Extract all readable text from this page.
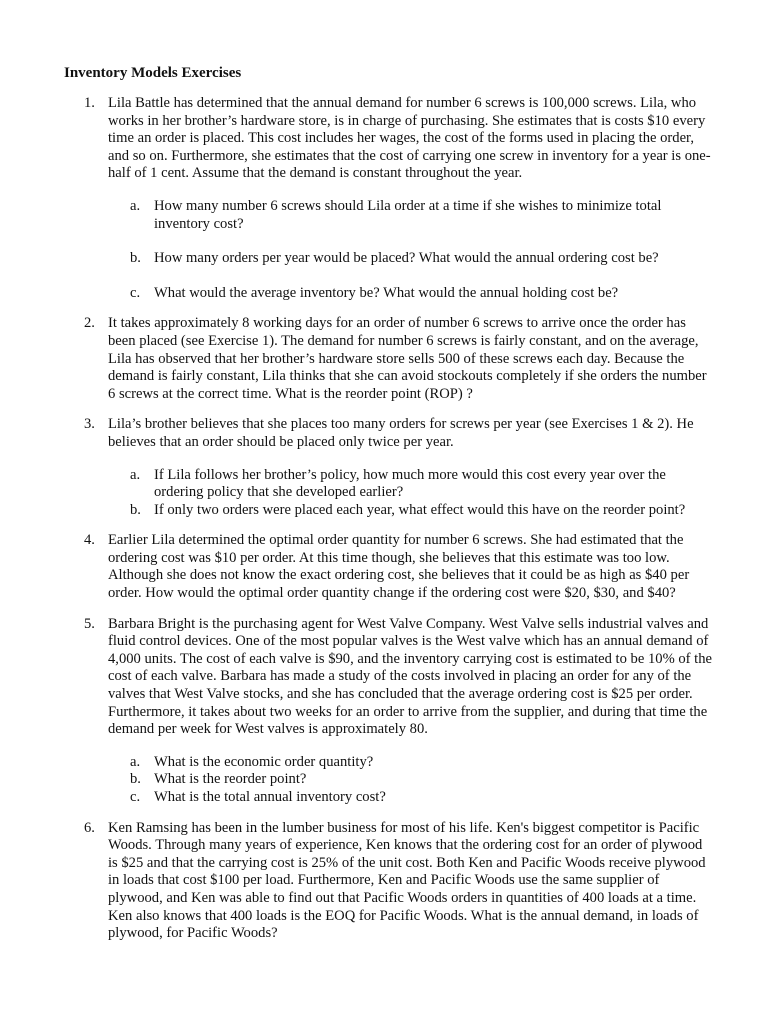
Inventory Models Exercises
1. Lila Battle has determined that the annual demand for number 6 screws is 100,000 screws. Lila, who works in her brother’s hardware store, is in charge of purchasing. She estimates that is costs $10 every time an order is placed. This cost includes her wages, the cost of the forms used in placing the order, and so on. Furthermore, she estimates that the cost of carrying one screw in inventory for a year is one-half of 1 cent. Assume that the demand is constant throughout the year.
a. How many number 6 screws should Lila order at a time if she wishes to minimize total inventory cost?
b. How many orders per year would be placed? What would the annual ordering cost be?
c. What would the average inventory be? What would the annual holding cost be?
2. It takes approximately 8 working days for an order of number 6 screws to arrive once the order has been placed (see Exercise 1). The demand for number 6 screws is fairly constant, and on the average, Lila has observed that her brother’s hardware store sells 500 of these screws each day. Because the demand is fairly constant, Lila thinks that she can avoid stockouts completely if she orders the number 6 screws at the correct time. What is the reorder point (ROP) ?
3. Lila’s brother believes that she places too many orders for screws per year (see Exercises 1 & 2). He believes that an order should be placed only twice per year.
a. If Lila follows her brother’s policy, how much more would this cost every year over the ordering policy that she developed earlier?
b. If only two orders were placed each year, what effect would this have on the reorder point?
4. Earlier Lila determined the optimal order quantity for number 6 screws. She had estimated that the ordering cost was $10 per order. At this time though, she believes that this estimate was too low. Although she does not know the exact ordering cost, she believes that it could be as high as $40 per order. How would the optimal order quantity change if the ordering cost were $20, $30, and $40?
5. Barbara Bright is the purchasing agent for West Valve Company. West Valve sells industrial valves and fluid control devices. One of the most popular valves is the West valve which has an annual demand of 4,000 units. The cost of each valve is $90, and the inventory carrying cost is estimated to be 10% of the cost of each valve. Barbara has made a study of the costs involved in placing an order for any of the valves that West Valve stocks, and she has concluded that the average ordering cost is $25 per order. Furthermore, it takes about two weeks for an order to arrive from the supplier, and during that time the demand per week for West valves is approximately 80.
a. What is the economic order quantity?
b. What is the reorder point?
c. What is the total annual inventory cost?
6. Ken Ramsing has been in the lumber business for most of his life. Ken's biggest competitor is Pacific Woods. Through many years of experience, Ken knows that the ordering cost for an order of plywood is $25 and that the carrying cost is 25% of the unit cost. Both Ken and Pacific Woods receive plywood in loads that cost $100 per load. Furthermore, Ken and Pacific Woods use the same supplier of plywood, and Ken was able to find out that Pacific Woods orders in quantities of 400 loads at a time. Ken also knows that 400 loads is the EOQ for Pacific Woods. What is the annual demand, in loads of plywood, for Pacific Woods?
